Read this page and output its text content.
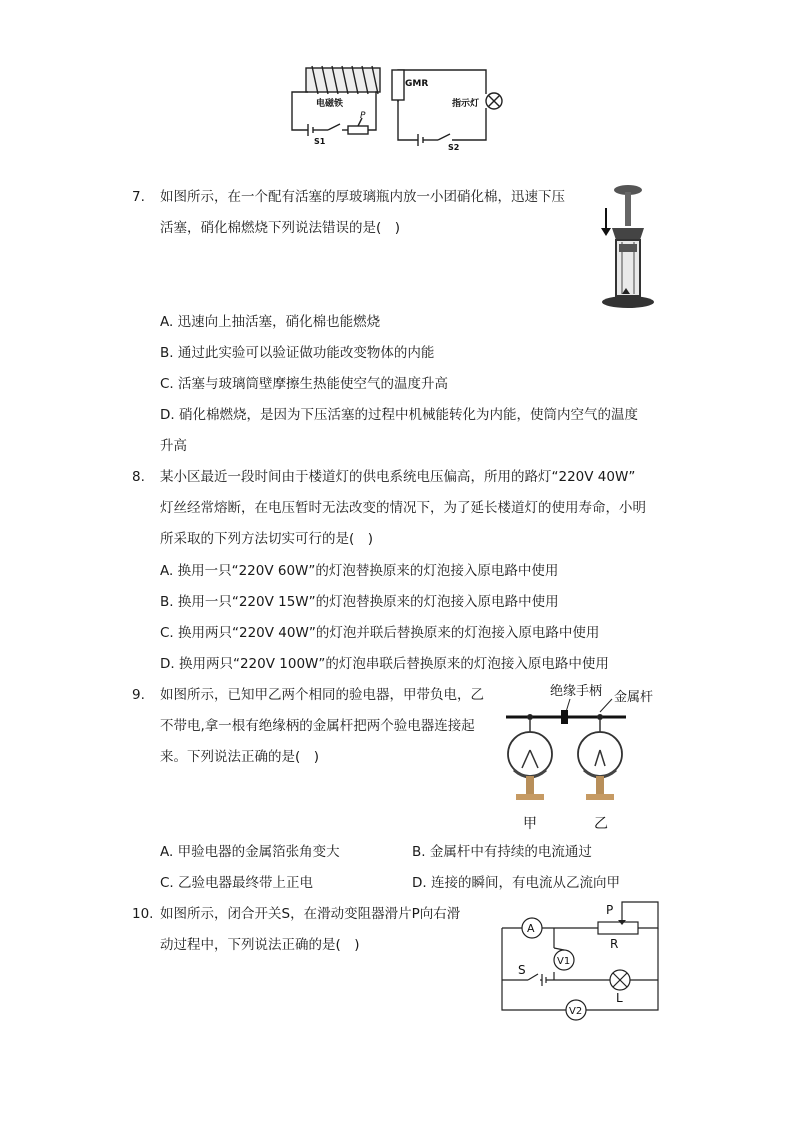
电磁铁
P
S1
GMR
指示灯
S2
7. 如图所示，在一个配有活塞的厚玻璃瓶内放一小团硝化棉，迅速下压
活塞，硝化棉燃烧下列说法错误的是(  )
A. 迅速向上抽活塞，硝化棉也能燃烧
B. 通过此实验可以验证做功能改变物体的内能
C. 活塞与玻璃筒壁摩擦生热能使空气的温度升高
D. 硝化棉燃烧，是因为下压活塞的过程中机械能转化为内能，使筒内空气的温度
升高
8. 某小区最近一段时间由于楼道灯的供电系统电压偏高，所用的路灯“220V 40W”
灯丝经常熔断，在电压暂时无法改变的情况下，为了延长楼道灯的使用寿命，小明
所采取的下列方法切实可行的是(  )
A. 换用一只“220V 60W”的灯泡替换原来的灯泡接入原电路中使用
B. 换用一只“220V 15W”的灯泡替换原来的灯泡接入原电路中使用
C. 换用两只“220V 40W”的灯泡并联后替换原来的灯泡接入原电路中使用
D. 换用两只“220V 100W”的灯泡串联后替换原来的灯泡接入原电路中使用
9. 如图所示，已知甲乙两个相同的验电器，甲带负电，乙
不带电,拿一根有绝缘柄的金属杆把两个验电器连接起
来。下列说法正确的是(  )
绝缘手柄 金属杆
甲	乙
A. 甲验电器的金属箔张角变大	B. 金属杆中有持续的电流通过
C. 乙验电器最终带上正电	D. 连接的瞬间，有电流从乙流向甲
10. 如图所示，闭合开关S，在滑动变阻器滑片P向右滑
动过程中，下列说法正确的是(  )
A
V1
P
R
S
L
V2
